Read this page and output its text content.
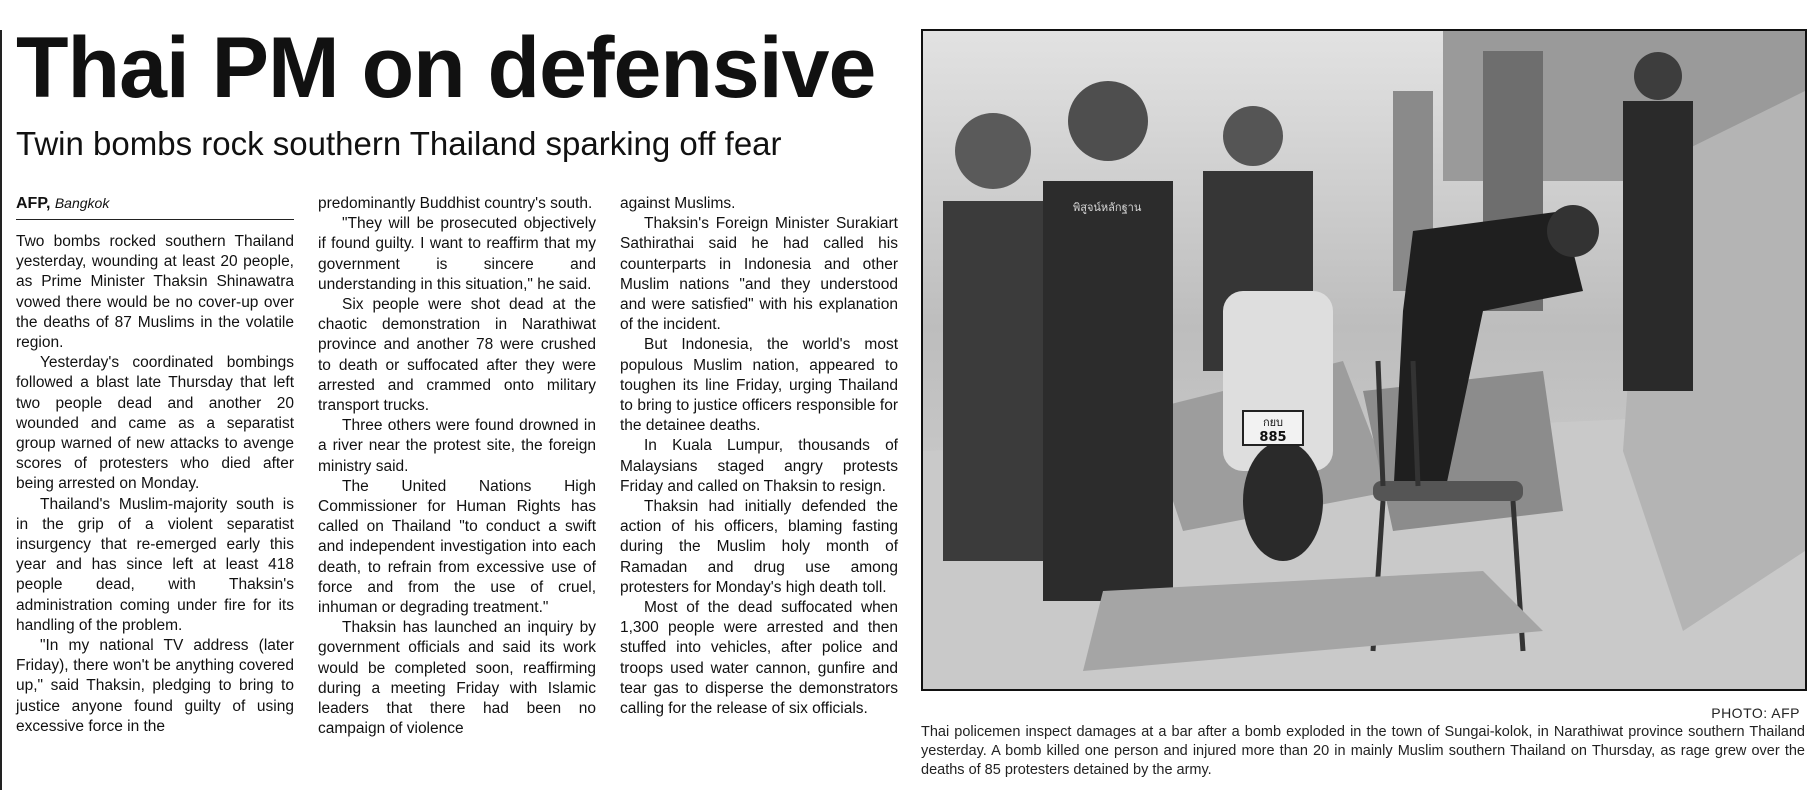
Thai PM on defensive
Twin bombs rock southern Thailand sparking off fear
AFP, Bangkok

Two bombs rocked southern Thailand yesterday, wounding at least 20 people, as Prime Minister Thaksin Shinawatra vowed there would be no cover-up over the deaths of 87 Muslims in the volatile region.

Yesterday's coordinated bombings followed a blast late Thursday that left two people dead and another 20 wounded and came as a separatist group warned of new attacks to avenge scores of protesters who died after being arrested on Monday.

Thailand's Muslim-majority south is in the grip of a violent separatist insurgency that re-emerged early this year and has since left at least 418 people dead, with Thaksin's administration coming under fire for its handling of the problem.

"In my national TV address (later Friday), there won't be anything covered up," said Thaksin, pledging to bring to justice anyone found guilty of using excessive force in the

predominantly Buddhist country's south.

"They will be prosecuted objectively if found guilty. I want to reaffirm that my government is sincere and understanding in this situation," he said.

Six people were shot dead at the chaotic demonstration in Narathiwat province and another 78 were crushed to death or suffocated after they were arrested and crammed onto military transport trucks.

Three others were found drowned in a river near the protest site, the foreign ministry said.

The United Nations High Commissioner for Human Rights has called on Thailand "to conduct a swift and independent investigation into each death, to refrain from excessive use of force and from the use of cruel, inhuman or degrading treatment."

Thaksin has launched an inquiry by government officials and said its work would be completed soon, reaffirming during a meeting Friday with Islamic leaders that there had been no campaign of violence

against Muslims.

Thaksin's Foreign Minister Surakiart Sathirathai said he had called his counterparts in Indonesia and other Muslim nations "and they understood and were satisfied" with his explanation of the incident.

But Indonesia, the world's most populous Muslim nation, appeared to toughen its line Friday, urging Thailand to bring to justice officers responsible for the detainee deaths.

In Kuala Lumpur, thousands of Malaysians staged angry protests Friday and called on Thaksin to resign.

Thaksin had initially defended the action of his officers, blaming fasting during the Muslim holy month of Ramadan and drug use among protesters for Monday's high death toll.

Most of the dead suffocated when 1,300 people were arrested and then stuffed into vehicles, after police and troops used water cannon, gunfire and tear gas to disperse the demonstrators calling for the release of six officials.

กยบ
885
พิสูจน์หลักฐาน
PHOTO: AFP
Thai policemen inspect damages at a bar after a bomb exploded in the town of Sungai-kolok, in Narathiwat province southern Thailand yesterday. A bomb killed one person and injured more than 20 in mainly Muslim southern Thailand on Thursday, as rage grew over the deaths of 85 protesters detained by the army.
